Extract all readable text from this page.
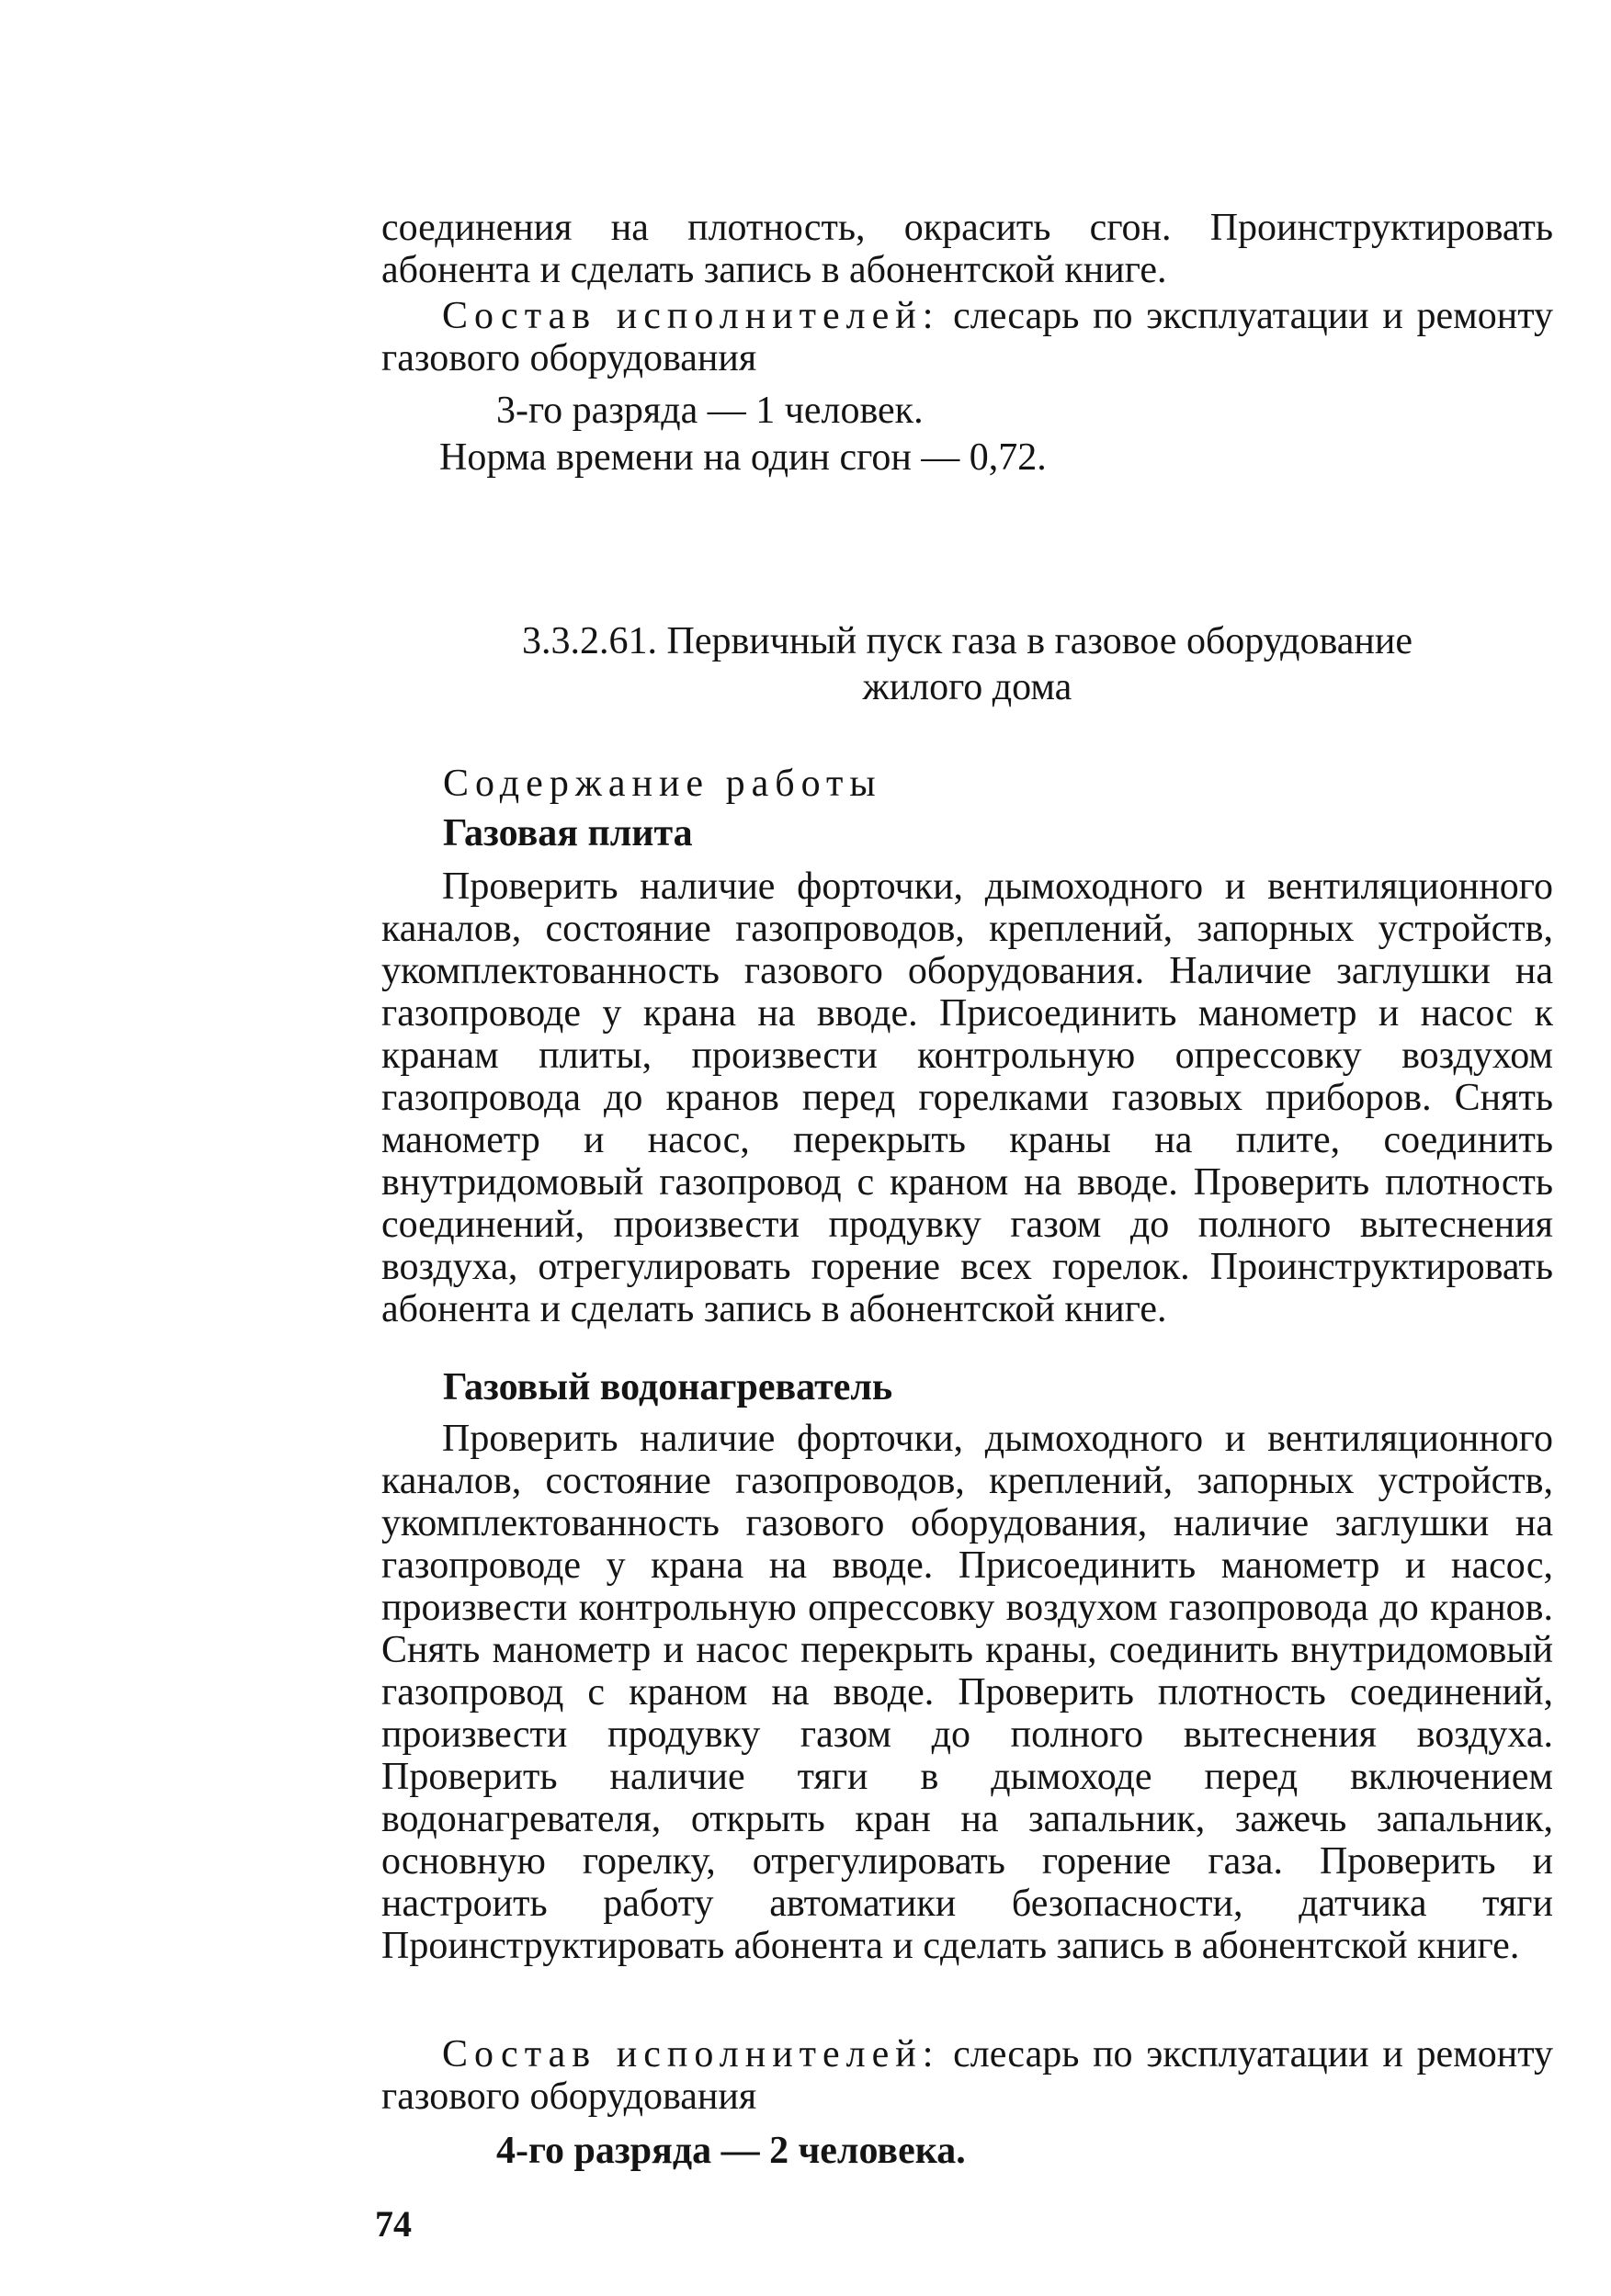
соединения на плотность, окрасить сгон. Проинструктировать абонента и сделать запись в абонентской книге.

Состав исполнителей: слесарь по эксплуатации и ремонту газового оборудования

3-го разряда — 1 человек.

Норма времени на один сгон — 0,72.

3.3.2.61. Первичный пуск газа в газовое оборудование

жилого дома

Содержание работы

Газовая плита

Проверить наличие форточки, дымоходного и вентиляционного каналов, состояние газопроводов, креплений, запорных устройств, укомплектованность газового оборудования. Наличие заглушки на газопроводе у крана на вводе. Присоединить манометр и насос к кранам плиты, произвести контрольную опрессовку воздухом газопровода до кранов перед горелками газовых приборов. Снять манометр и насос, перекрыть краны на плите, соединить внутридомовый газопровод с краном на вводе. Проверить плотность соединений, произвести продувку газом до полного вытеснения воздуха, отрегулировать горение всех горелок. Проинструктировать абонента и сделать запись в абонентской книге.

Газовый водонагреватель

Проверить наличие форточки, дымоходного и вентиляционного каналов, состояние газопроводов, креплений, запорных устройств, укомплектованность газового оборудования, наличие заглушки на газопроводе у крана на вводе. Присоединить манометр и насос, произвести контрольную опрессовку воздухом газопровода до кранов. Снять манометр и насос перекрыть краны, соединить внутридомовый газопровод с краном на вводе. Проверить плотность соединений, произвести продувку газом до полного вытеснения воздуха. Проверить наличие тяги в дымоходе перед включением водонагревателя, открыть кран на запальник, зажечь запальник, основную горелку, отрегулировать горение газа. Проверить и настроить работу автоматики безопасности, датчика тяги Проинструктировать абонента и сделать запись в абонентской книге.

Состав исполнителей: слесарь по эксплуатации и ремонту газового оборудования

4-го разряда — 2 человека.

74
